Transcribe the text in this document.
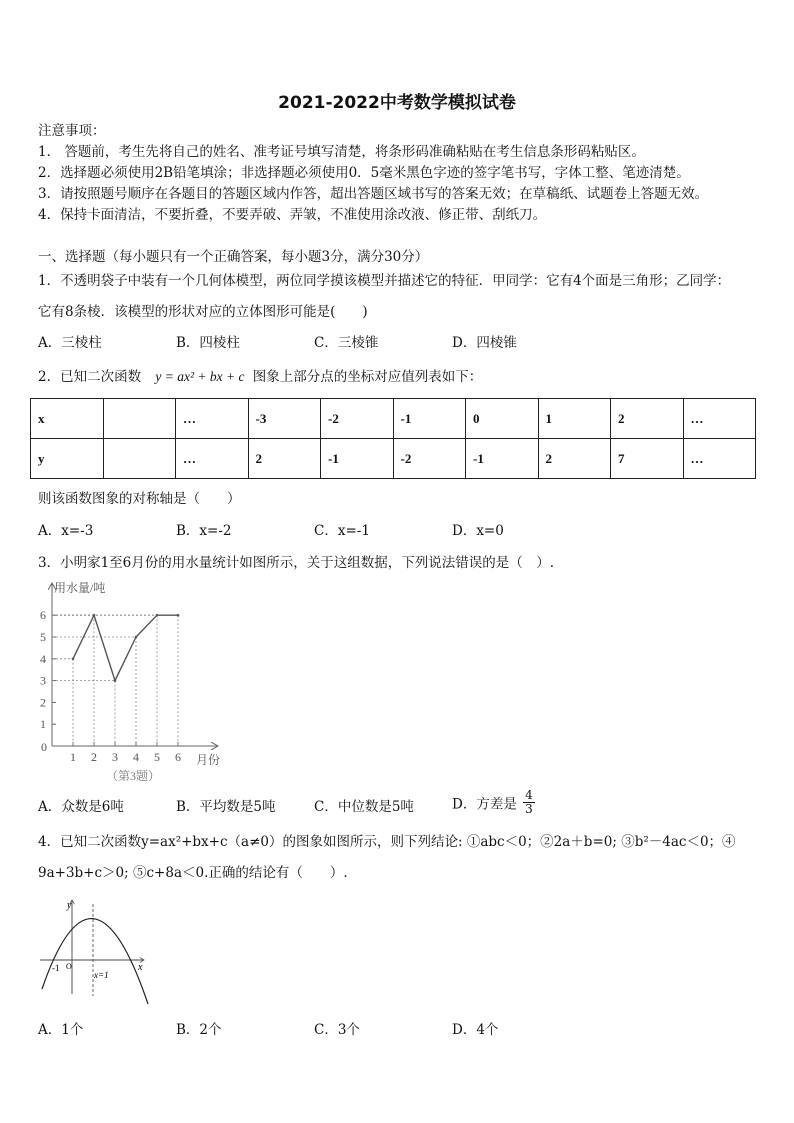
2021-2022中考数学模拟试卷
注意事项：
1． 答题前，考生先将自己的姓名、准考证号填写清楚，将条形码准确粘贴在考生信息条形码粘贴区。
2．选择题必须使用2B铅笔填涂；非选择题必须使用0．5毫米黑色字迹的签字笔书写，字体工整、笔迹清楚。
3．请按照题号顺序在各题目的答题区域内作答，超出答题区域书写的答案无效；在草稿纸、试题卷上答题无效。
4．保持卡面清洁，不要折叠，不要弄破、弄皱，不准使用涂改液、修正带、刮纸刀。
一、选择题（每小题只有一个正确答案，每小题3分，满分30分）
1．不透明袋子中装有一个几何体模型，两位同学摸该模型并描述它的特征．甲同学：它有4个面是三角形；乙同学：
它有8条棱．该模型的形状对应的立体图形可能是(　　)
A．三棱柱	B．四棱柱	C．三棱锥	D．四棱锥
2．已知二次函数 y = ax² + bx + c 图象上部分点的坐标对应值列表如下：
x		…	-3	-2	-1	0	1	2	…
y		…	2	-1	-2	-1	2	7	…
则该函数图象的对称轴是（　　）
A．x=-3	B．x=-2	C．x=-1	D．x=0
3．小明家1至6月份的用水量统计如图所示，关于这组数据，下列说法错误的是（　）.
1
2
3
4
5
6
1 2 3 4 5 6
用水量/吨
月份
0
（第3题）
A．众数是6吨	B．平均数是5吨	C．中位数是5吨	D．方差是 $\frac{4}{3}$
4．已知二次函数y=ax²+bx+c（a≠0）的图象如图所示，则下列结论: ①abc＜0；②2a＋b=0; ③b²－4ac＜0；④
9a+3b+c＞0; ⑤c+8a＜0.正确的结论有（　　）.
y
x
-1 O
x=1
A．1个	B．2个	C．3个	D．4个
